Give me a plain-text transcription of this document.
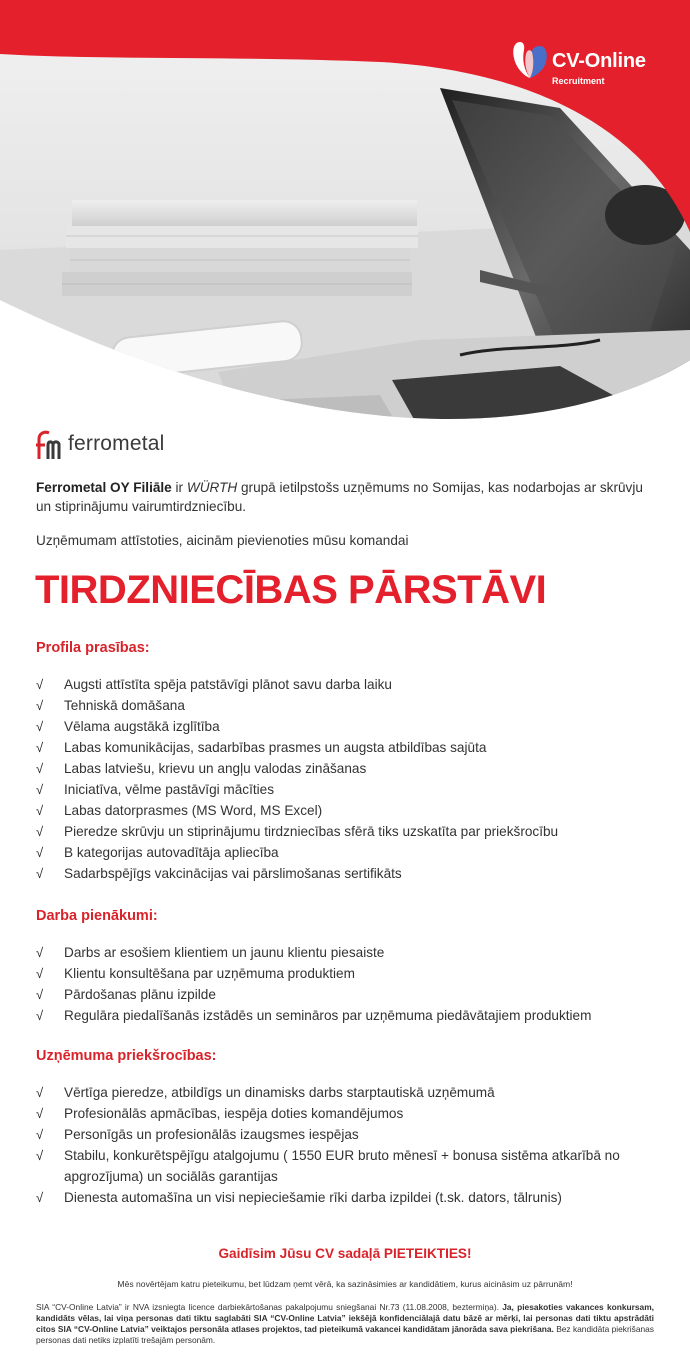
CV-Online
Recruitment
ferrometal

Ferrometal OY Filiāle ir WÜRTH grupā ietilpstošs uzņēmums no Somijas, kas nodarbojas ar skrūvju un stiprinājumu vairumtirdzniecību.

Uzņēmumam attīstoties, aicinām pievienoties mūsu komandai

TIRDZNIECĪBAS PĀRSTĀVI
Profila prasības:
√ Augsti attīstīta spēja patstāvīgi plānot savu darba laiku
√ Tehniskā domāšana
√ Vēlama augstākā izglītība
√ Labas komunikācijas, sadarbības prasmes un augsta atbildības sajūta
√ Labas latviešu, krievu un angļu valodas zināšanas
√ Iniciatīva, vēlme pastāvīgi mācīties
√ Labas datorprasmes (MS Word, MS Excel)
√ Pieredze skrūvju un stiprinājumu tirdzniecības sfērā tiks uzskatīta par priekšrocību
√ B kategorijas autovadītāja apliecība
√ Sadarbspējīgs vakcinācijas vai pārslimošanas sertifikāts
Darba pienākumi:
√ Darbs ar esošiem klientiem un jaunu klientu piesaiste
√ Klientu konsultēšana par uzņēmuma produktiem
√ Pārdošanas plānu izpilde
√ Regulāra piedalīšanās izstādēs un semināros par uzņēmuma piedāvātajiem produktiem
Uzņēmuma priekšrocības:
√ Vērtīga pieredze, atbildīgs un dinamisks darbs starptautiskā uzņēmumā
√ Profesionālās apmācības, iespēja doties komandējumos
√ Personīgās un profesionālās izaugsmes iespējas
√ Stabilu, konkurētspējīgu atalgojumu ( 1550 EUR bruto mēnesī + bonusa sistēma atkarībā no apgrozījuma) un sociālās garantijas
√ Dienesta automašīna un visi nepieciešamie rīki darba izpildei (t.sk. dators, tālrunis)

Gaidīsim Jūsu CV sadaļā PIETEIKTIES!

Mēs novērtējam katru pieteikumu, bet lūdzam ņemt vērā, ka sazināsimies ar kandidātiem, kurus aicināsim uz pārrunām!

SIA “CV-Online Latvia” ir NVA izsniegta licence darbiekārtošanas pakalpojumu sniegšanai Nr.73 (11.08.2008, beztermiņa). Ja, piesakoties vakances konkursam, kandidāts vēlas, lai viņa personas dati tiktu saglabāti SIA “CV-Online Latvia” iekšējā konfidenciālajā datu bāzē ar mērķi, lai personas dati tiktu apstrādāti citos SIA “CV-Online Latvia” veiktajos personāla atlases projektos, tad pieteikumā vakancei kandidātam jānorāda sava piekrišana. Bez kandidāta piekrišanas personas dati netiks izplatīti trešajām personām.
